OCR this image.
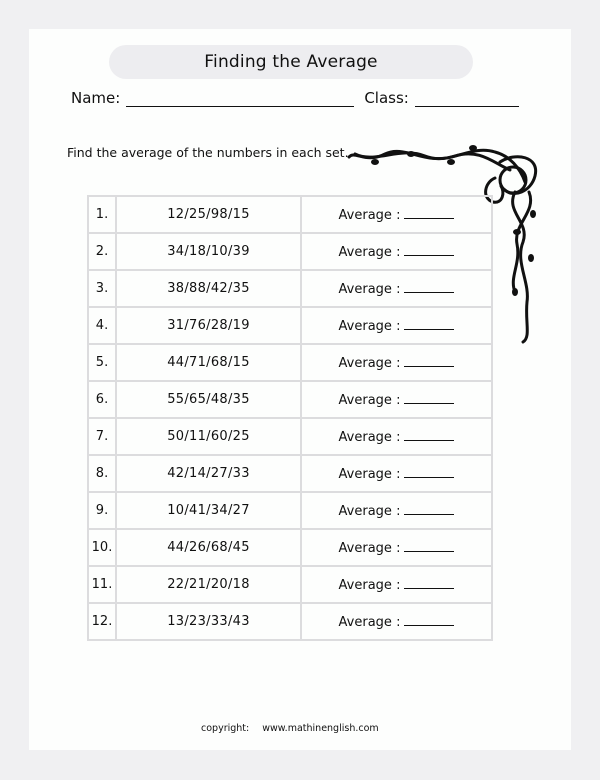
Finding the Average
Name:	Class:
Find the average of the numbers in each set.
1.	12/25/98/15	Average :
2.	34/18/10/39	Average :
3.	38/88/42/35	Average :
4.	31/76/28/19	Average :
5.	44/71/68/15	Average :
6.	55/65/48/35	Average :
7.	50/11/60/25	Average :
8.	42/14/27/33	Average :
9.	10/41/34/27	Average :
10.	44/26/68/45	Average :
11.	22/21/20/18	Average :
12.	13/23/33/43	Average :
copyright: www.mathinenglish.com
